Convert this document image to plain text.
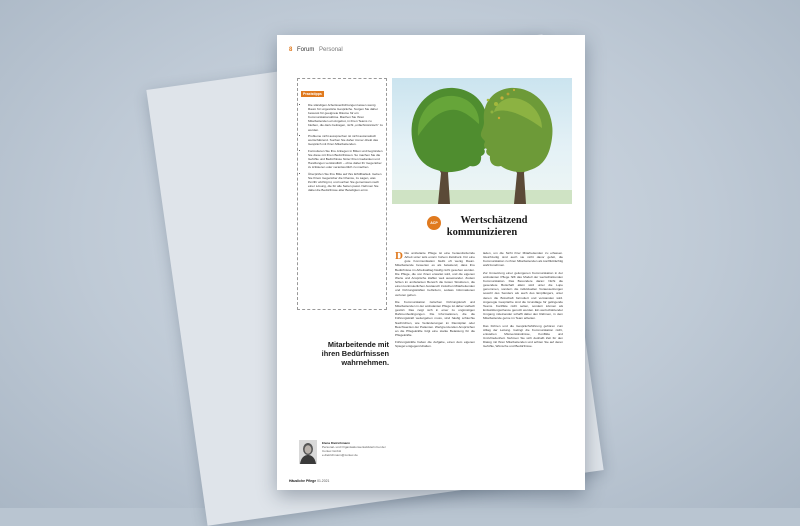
8 Forum Personal
Praxistipps
• Die ständigen Arbeitsverdichtungen lassen wenig Raum für ungestörte Gespräche. Sorgen Sie daher bewusst für geeignete Räume für ein Kommunikationsklima. Machen Sie Ihren Mitarbeitenden ein Angebot, in ihren Teams zu bleiben, die dazu beitragen, nicht „unfachmännisch“ zu werden.
• Probleme nicht aussprechen ist nicht automatisch wertschätzend. Suchen Sie daher immer direkt das Gespräch mit Ihren Mitarbeitenden.
• Formulieren Sie Ihre Anliegen in Bitten und begründen Sie diese mit Ihren Bedürfnissen. So machen Sie die Gefühle und Bedürfnisse hinter Ihren Gedanken und Handlungen verständlich – ohne dabei Ihr Gegenüber zu kritisieren oder verantwortlich zu machen.
• Überprüfen Sie Ihre Bitte auf ihre Erfüllbarkeit. Geben Sie Ihrem Gegenüber die Chance, zu sagen, was ihm/ihr wichtig ist, und suchen Sie gemeinsam nach einer Lösung, die für alle Seiten passt. Nehmen Sie dabei die Bedürfnisse aller Beteiligten ernst.
ACP	Wertschätzend
kommunizieren

D Die ambulante Pflege ist eine herausfordernde Arbeit unter teils enorm hohem Zeitdruck. Für eine gute Kommunikation bleibt oft wenig Raum. Mitarbeitende bewerten es als belastend, dass ihre Bedürfnisse im Arbeitsalltag häufig nicht gesehen werden. Die Pflege, die von ihnen erwartet wird, und die eigenen Werte und Ansprüche klaffen weit auseinander. Zudem fehlen im ambulanten Bereich die festen Strukturen, die einen kontinuierlichen Austausch zwischen Mitarbeitenden und Führungskräften befördern, sodass Informationen verloren gehen.

Die Kommunikation zwischen Führungskraft und Mitarbeitenden in der ambulanten Pflege ist daher vielfach gestört. Das zeigt sich in einer zu ungünstigen Rahmenbedingungen. Die Informationen, die die Führungskraft weitergeben muss, sind häufig schlechte Nachrichten, wie Veränderungen im Dienstplan oder Beschwerden der Patienten. Wertgrenzenden Ansprüchen an die Pflegekräfte folgt eine starke Belastung für die Pflegekräfte.

Führungskräfte haben die Aufgabe, einen dem eigenen Spiegel entgegenzuhalten.

laden, um die Sicht ihrer Mitarbeitenden zu erfassen. Gleichzeitig sind auch sie nicht davor gefeit, die Kommunikation zu ihren Mitarbeitenden als konfliktträchtig wahrzunehmen.

Zur Umsetzung einer gelungenen Kommunikation in der ambulanten Pflege hilft das Modell der wertschätzenden Kommunikation. Das Besondere daran: Nicht die gesendete Botschaft allein wird unter die Lupe genommen, sondern die individuellen Voraussetzungen sowohl des Senders als auch des Empfängers, unter denen die Botschaft formuliert und verstanden wird. Angeregte Gespräche sind die Grundlage für gelingende Teams. Konflikte nicht selten, sondern können als Entwicklungschance genutzt werden. Ein wertschätzender Umgang miteinander schafft dabei den Rahmen, in dem Mitarbeitende gerne im Team arbeiten.

Das Führen und die Gesprächsführung gehören zum Alltag der Leitung. Gelingt die Kommunikation nicht, entstehen Missverständnisse, Konflikte und Unzufriedenheit. Nehmen Sie sich deshalb Zeit für den Dialog mit Ihren Mitarbeitenden und achten Sie auf deren Gefühle, Wünsche und Bedürfnisse.

Mitarbeitende mit
ihren Bedürfnissen
wahrnehmen.
Elena Dietrichmann
Personal- und Organisationsentwicklerin bei der Contec GmbH
e.dietrichmann@contec.de
Häusliche Pflege 01.2021
